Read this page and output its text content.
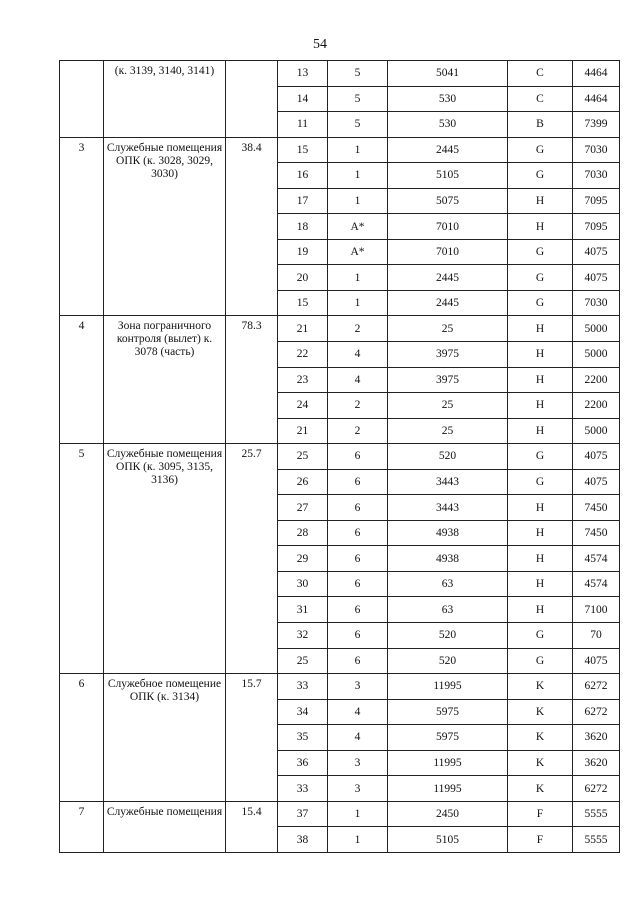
54
	(к. 3139, 3140, 3141)		13	5	5041	C	4464
			14	5	530	C	4464
			11	5	530	B	7399
3	Служебные помещения ОПК (к. 3028, 3029, 3030)	38.4	15	1	2445	G	7030
			16	1	5105	G	7030
			17	1	5075	H	7095
			18	A*	7010	H	7095
			19	A*	7010	G	4075
			20	1	2445	G	4075
			15	1	2445	G	7030
4	Зона пограничного контроля (вылет) к. 3078 (часть)	78.3	21	2	25	H	5000
			22	4	3975	H	5000
			23	4	3975	H	2200
			24	2	25	H	2200
			21	2	25	H	5000
5	Служебные помещения ОПК (к. 3095, 3135, 3136)	25.7	25	6	520	G	4075
			26	6	3443	G	4075
			27	6	3443	H	7450
			28	6	4938	H	7450
			29	6	4938	H	4574
			30	6	63	H	4574
			31	6	63	H	7100
			32	6	520	G	70
			25	6	520	G	4075
6	Служебное помещение ОПК (к. 3134)	15.7	33	3	11995	K	6272
			34	4	5975	K	6272
			35	4	5975	K	3620
			36	3	11995	K	3620
			33	3	11995	K	6272
7	Служебные помещения	15.4	37	1	2450	F	5555
			38	1	5105	F	5555
